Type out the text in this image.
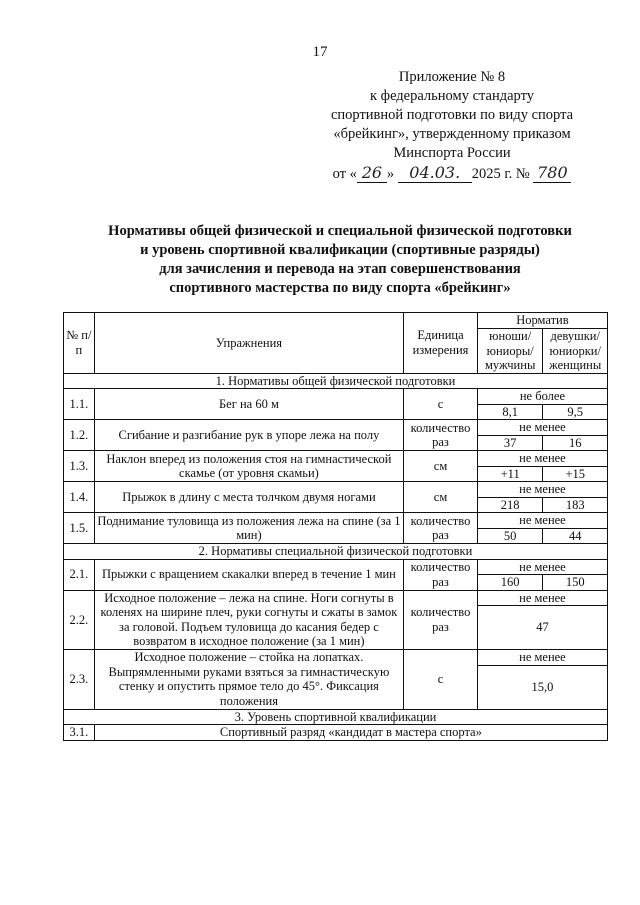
17
Приложение № 8
к федеральному стандарту
спортивной подготовки по виду спорта
«брейкинг», утвержденному приказом
Минспорта России
от « 26 » 04.03. 2025 г. № 780
Нормативы общей физической и специальной физической подготовки
и уровень спортивной квалификации (спортивные разряды)
для зачисления и перевода на этап совершенствования
спортивного мастерства по виду спорта «брейкинг»
№ п/п	Упражнения	Единица измерения	Норматив	
			юноши/ юниоры/ мужчины	девушки/ юниорки/ женщины
1. Нормативы общей физической подготовки				
1.1.	Бег на 60 м	с	не более	
			8,1	9,5
1.2.	Сгибание и разгибание рук в упоре лежа на полу	количество раз	не менее	
			37	16
1.3.	Наклон вперед из положения стоя на гимнастической скамье (от уровня скамьи)	см	не менее	
			+11	+15
1.4.	Прыжок в длину с места толчком двумя ногами	см	не менее	
			218	183
1.5.	Поднимание туловища из положения лежа на спине (за 1 мин)	количество раз	не менее	
			50	44
2. Нормативы специальной физической подготовки				
2.1.	Прыжки с вращением скакалки вперед в течение 1 мин	количество раз	не менее	
			160	150
2.2.	Исходное положение – лежа на спине. Ноги согнуты в коленях на ширине плеч, руки согнуты и сжаты в замок за головой. Подъем туловища до касания бедер с возвратом в исходное положение (за 1 мин)	количество раз	не менее	
			47	
2.3.	Исходное положение – стойка на лопатках. Выпрямленными руками взяться за гимнастическую стенку и опустить прямое тело до 45°. Фиксация положения	с	не менее	
			15,0	
3. Уровень спортивной квалификации				
3.1.	Спортивный разряд «кандидат в мастера спорта»			
